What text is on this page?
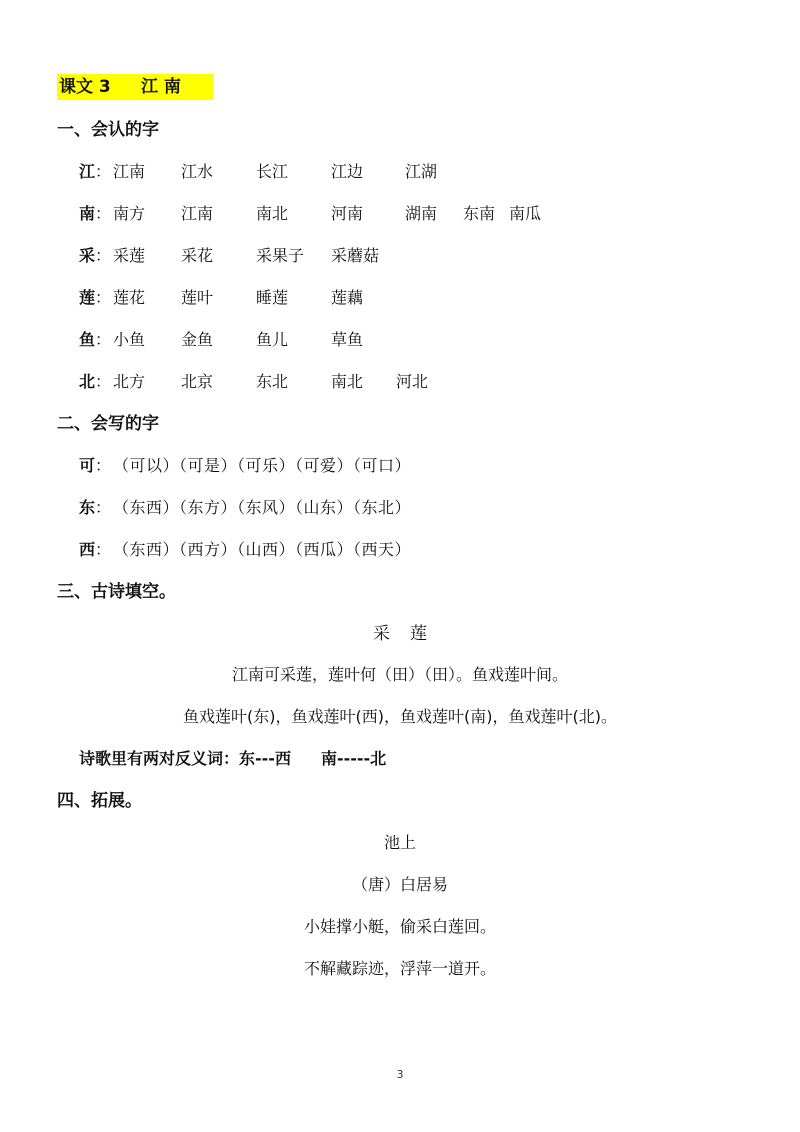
课文 3 江 南
一、会认的字
江： 江南 江水	长江	江边	江湖
南： 南方 江南	南北	河南	湖南 东南 南瓜
采： 采莲 采花	采果子 采蘑菇
莲： 莲花 莲叶	睡莲	莲藕
鱼： 小鱼 金鱼	鱼儿	草鱼
北： 北方 北京	东北	南北 河北
二、会写的字
可： （可以）（可是）（可乐）（可爱）（可口）
东： （东西）（东方）（东风）（山东）（东北）
西： （东西）（西方）（山西）（西瓜）（西天）
三、古诗填空。
采莲
江南可采莲，莲叶何（田）（田）。鱼戏莲叶间。
鱼戏莲叶(东)，鱼戏莲叶(西)，鱼戏莲叶(南)，鱼戏莲叶(北)。
诗歌里有两对反义词：东---西 南-----北
四、拓展。
池上
（唐）白居易
小娃撑小艇，偷采白莲回。
不解藏踪迹，浮萍一道开。
3
